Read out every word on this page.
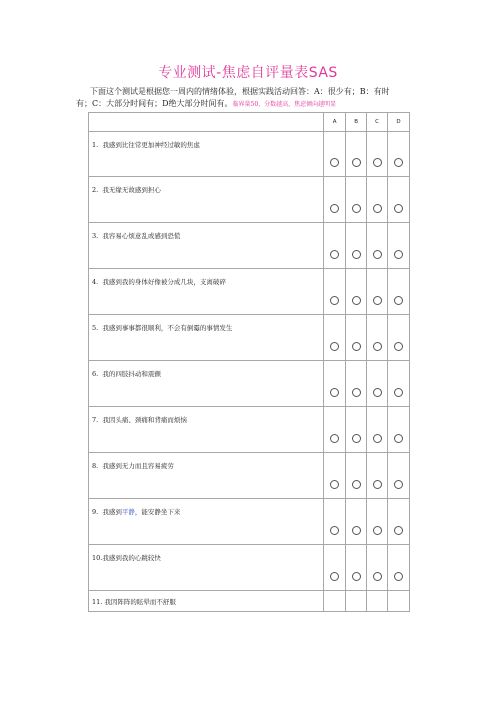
专业测试-焦虑自评量表SAS
下面这个测试是根据您一周内的情绪体验，根据实践活动回答：A：很少有；B：有时
有；C：大部分时间有；D绝大部分时间有。临界量50，分数越高，焦虑倾向越明显
	A	B	C	D
1. 我感到比往常更加神经过敏的焦虑				
2. 我无缘无故感到担心				
3. 我容易心烦意乱或感到恐慌				
4. 我感到我的身体好像被分成几块，支离破碎				
5. 我感到事事都很顺利，不会有倒霉的事情发生				
6. 我的四肢抖动和震颤				
7. 我因头痛、颈痛和背痛而烦恼				
8. 我感到无力而且容易疲劳				
9. 我感到平静，能安静坐下来				
10.我感到我的心跳较快				
11. 我因阵阵的眩晕而不舒服				
